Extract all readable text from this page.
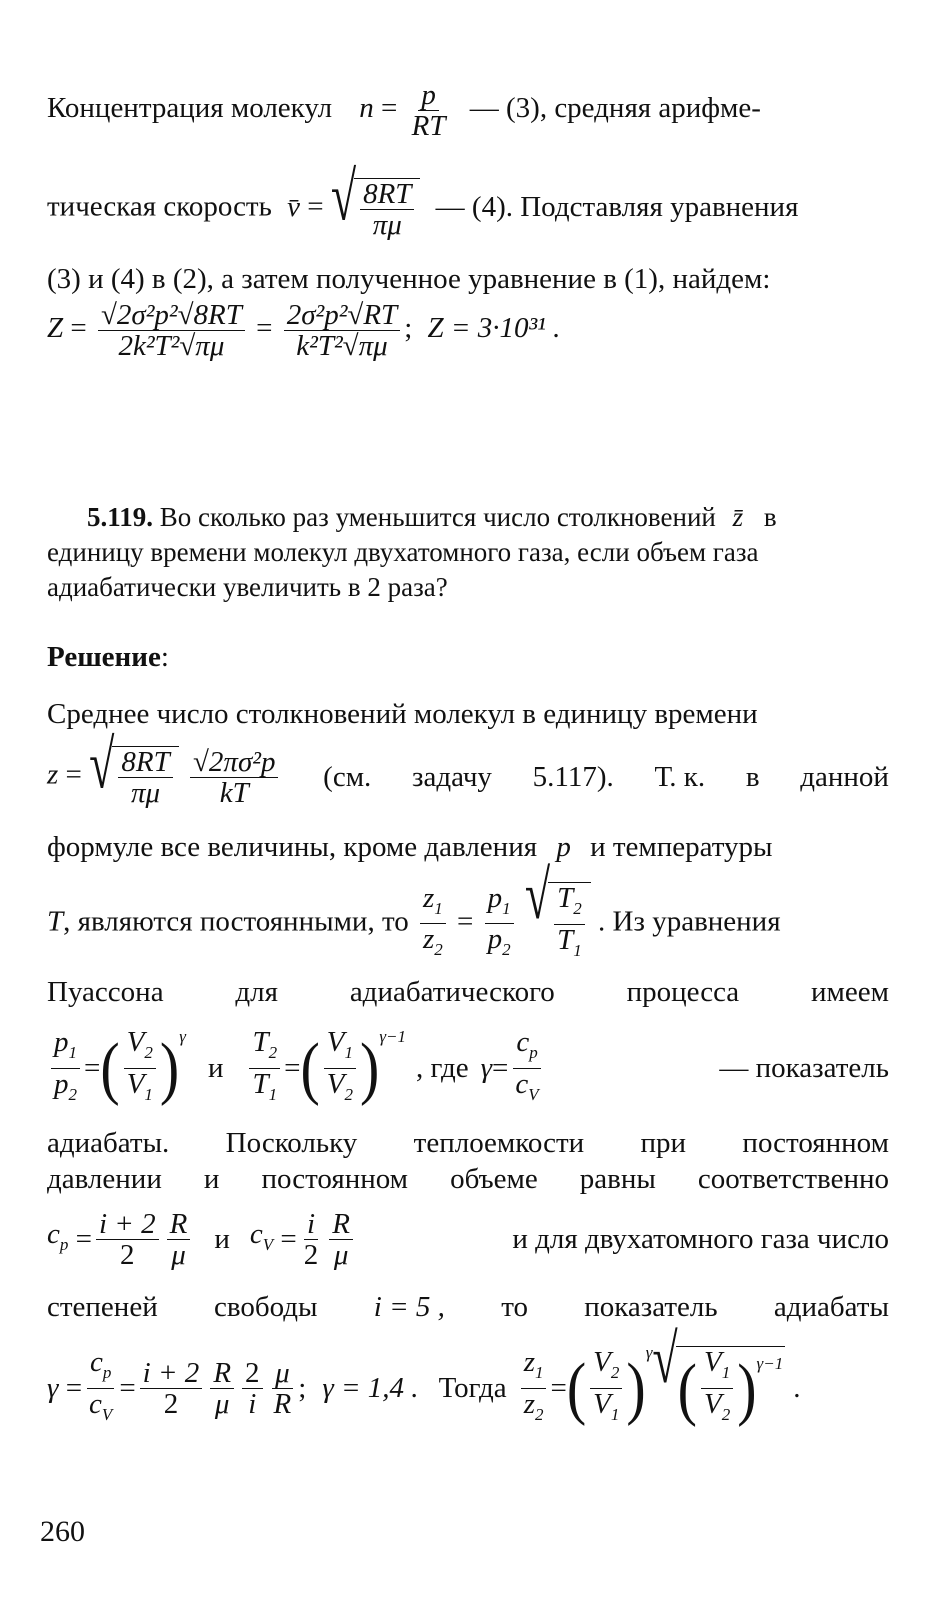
Концентрация молекул $n = \frac{p}{RT}$ — (3), средняя арифме-
тическая скорость v̄ = √ $\frac{8RT}{\pi\mu}$ — (4). Подставляя уравнения
(3) и (4) в (2), а затем полученное уравнение в (1), найдем:
$Z = \frac{\text{√2σ²p²√8RT}}{\text{2k²T²√πμ}} = \frac{\text{2σ²p²√RT}}{\text{k²T²√πμ}}$ ; Z = 3·10³¹ .
5.119. Во сколько раз уменьшится число столкновений z̄ в
единицу времени молекул двухатомного газа, если объем газа
адиабатически увеличить в 2 раза?
Решение:
Среднее число столкновений молекул в единицу времени
z = √ $\frac{8RT}{\pi\mu}$
$\frac{\text{√2πσ²p}}{kT} (см$. задачу 5.117). Т. к. в данной
формуле все величины, кроме давления p и температуры
T, являются постоянными, то $\frac{z_1}{z_2} = \frac{p_1}{p_2}$
√ $\frac{T_2}{T_1}$ . Из уравнения
Пуассона для адиабатического процесса имеем
$\frac{p_1}{p_2}$ = ( $\frac{V_2}{V_1} )^\gamma$
и $\frac{T_2}{T_1}$ = ( $\frac{V_1}{V_2} )^{\gamma-1}$
, где $\gamma = \frac{c_p}{c_V}$	— показатель
адиабаты. Поскольку теплоемкости при постоянном
давлении и постоянном объеме равны соответственно
$c_p = \frac{i + 2}{2} \frac{R}{\mu}$ и $c_V = \frac{i}{2} \frac{R}{\mu}$	и для двухатомного газа число
степеней свободы i = 5 , то показатель адиабаты
$\gamma = \frac{c_p}{c_V} = \frac{i + 2}{2} \frac{R}{\mu} \frac{2}{i} \frac{\mu}{R}$ ; γ = 1,4 . Тогда $\frac{z_1}{z_2}$ = ( $\frac{V_2}{V_1} )^\gamma$ √ ( $\frac{V_1}{V_2} )^{\gamma-1}$
.
260
